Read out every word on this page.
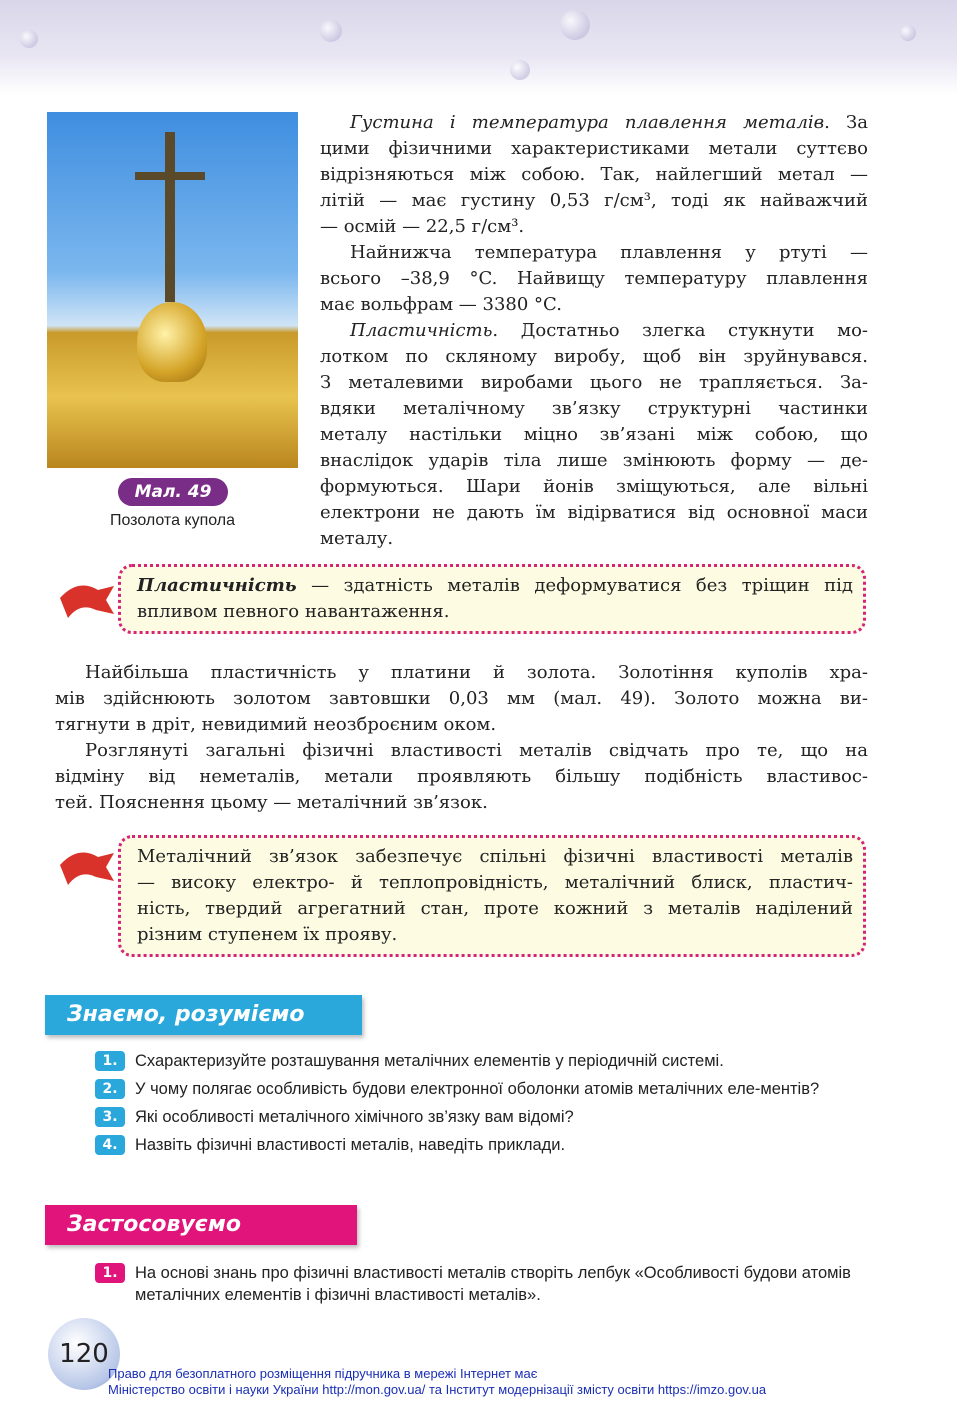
Мал. 49
Позолота купола
Густина і температура плавлення металів. За
цими фізичними характеристиками метали суттєво
відрізняються між собою. Так, найлегший метал —
літій — має густину 0,53 г/см³, тоді як найважчий
— осмій — 22,5 г/см³.
Найнижча температура плавлення у ртуті —
всього –38,9 °C. Найвищу температуру плавлення
має вольфрам — 3380 °C.
Пластичність. Достатньо злегка стукнути мо-
лотком по скляному виробу, щоб він зруйнувався.
З металевими виробами цього не трапляється. За-
вдяки металічному зв’язку структурні частинки
металу настільки міцно зв’язані між собою, що
внаслідок ударів тіла лише змінюють форму — де-
формуються. Шари йонів зміщуються, але вільні
електрони не дають їм відірватися від основної маси
металу.
Пластичність — здатність металів деформуватися без тріщин під
впливом певного навантаження.
Найбільша пластичність у платини й золота. Золотіння куполів хра-
мів здійснюють золотом завтовшки 0,03 мм (мал. 49). Золото можна ви-
тягнути в дріт, невидимий неозброєним оком.
Розглянуті загальні фізичні властивості металів свідчать про те, що на
відміну від неметалів, метали проявляють більшу подібність властивос-
тей. Пояснення цьому — металічний зв’язок.
Металічний зв’язок забезпечує спільні фізичні властивості металів
— високу електро- й теплопровідність, металічний блиск, пластич-
ність, твердий агрегатний стан, проте кожний з металів наділений
різним ступенем їх прояву.
Знаємо, розуміємо
1.	Схарактеризуйте розташування металічних елементів у періодичній системі.
2.	У чому полягає особливість будови електронної оболонки атомів металічних еле-ментів?
3.	Які особливості металічного хімічного зв’язку вам відомі?
4.	Назвіть фізичні властивості металів, наведіть приклади.
Застосовуємо
1.	На основі знань про фізичні властивості металів створіть лепбук «Особливості будови атомів металічних елементів і фізичні властивості металів».
120
Право для безоплатного розміщення підручника в мережі Інтернет має
Міністерство освіти і науки України http://mon.gov.ua/ та Інститут модернізації змісту освіти https://imzo.gov.ua
